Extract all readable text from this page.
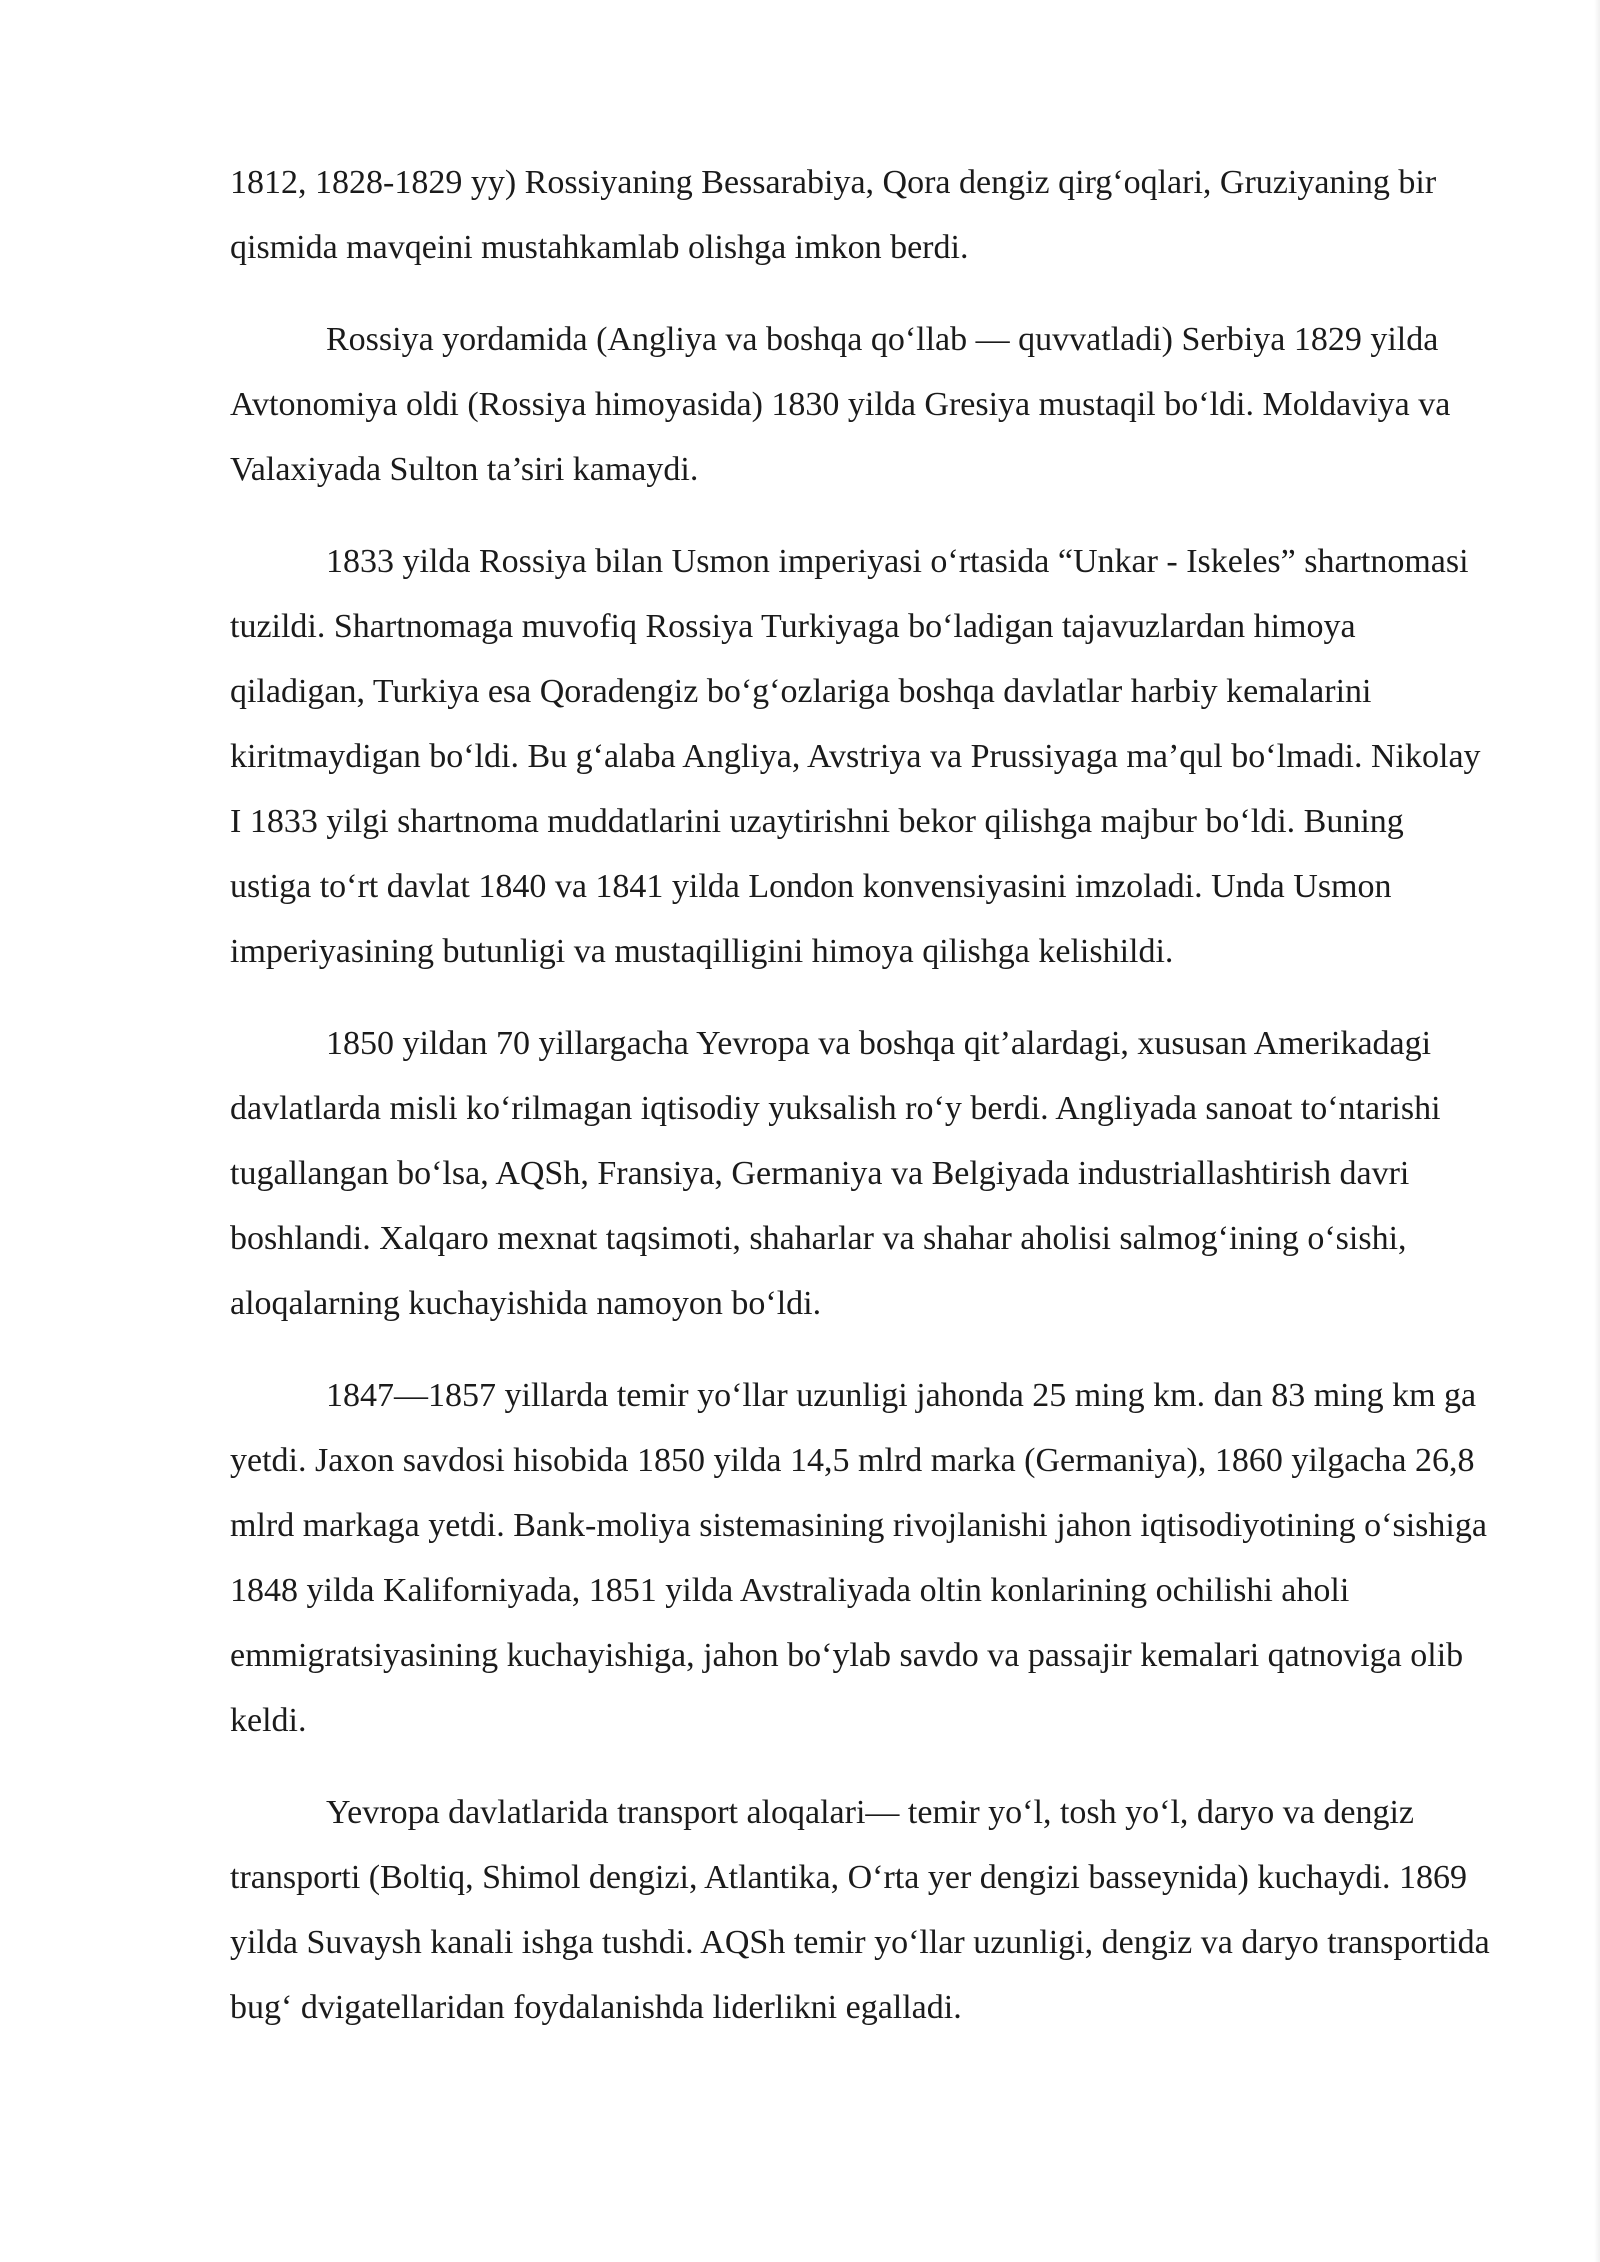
1812, 1828-1829 yy) Rossiyaning Bessarabiya, Qora dengiz qirg‘oqlari, Gruziyaning bir qismida mavqeini mustahkamlab olishga imkon berdi.

Rossiya yordamida (Angliya va boshqa qo‘llab — quvvatladi) Serbiya 1829 yilda Avtonomiya oldi (Rossiya himoyasida) 1830 yilda Gresiya mustaqil bo‘ldi. Moldaviya va Valaxiyada Sulton ta’siri kamaydi.

1833 yilda Rossiya bilan Usmon imperiyasi o‘rtasida “Unkar - Iskeles” shartnomasi tuzildi. Shartnomaga muvofiq Rossiya Turkiyaga bo‘ladigan tajavuzlardan himoya qiladigan, Turkiya esa Qoradengiz bo‘g‘ozlariga boshqa davlatlar harbiy kemalarini kiritmaydigan bo‘ldi. Bu g‘alaba Angliya, Avstriya va Prussiyaga ma’qul bo‘lmadi. Nikolay I 1833 yilgi shartnoma muddatlarini uzaytirishni bekor qilishga majbur bo‘ldi. Buning ustiga to‘rt davlat 1840 va 1841 yilda London konvensiyasini imzoladi. Unda Usmon imperiyasining butunligi va mustaqilligini himoya qilishga kelishildi.

1850 yildan 70 yillargacha Yevropa va boshqa qit’alardagi, xususan Amerikadagi davlatlarda misli ko‘rilmagan iqtisodiy yuksalish ro‘y berdi. Angliyada sanoat to‘ntarishi tugallangan bo‘lsa, AQSh, Fransiya, Germaniya va Belgiyada industriallashtirish davri boshlandi. Xalqaro mexnat taqsimoti, shaharlar va shahar aholisi salmog‘ining o‘sishi, aloqalarning kuchayishida namoyon bo‘ldi.

1847—1857 yillarda temir yo‘llar uzunligi jahonda 25 ming km. dan 83 ming km ga yetdi. Jaxon savdosi hisobida 1850 yilda 14,5 mlrd marka (Germaniya), 1860 yilgacha 26,8 mlrd markaga yetdi. Bank-moliya sistemasining rivojlanishi jahon iqtisodiyotining o‘sishiga 1848 yilda Kaliforniyada, 1851 yilda Avstraliyada oltin konlarining ochilishi aholi emmigratsiyasining kuchayishiga, jahon bo‘ylab savdo va passajir kemalari qatnoviga olib keldi.

Yevropa davlatlarida transport aloqalari— temir yo‘l, tosh yo‘l, daryo va dengiz transporti (Boltiq, Shimol dengizi, Atlantika, O‘rta yer dengizi basseynida) kuchaydi. 1869 yilda Suvaysh kanali ishga tushdi. AQSh temir yo‘llar uzunligi, dengiz va daryo transportida bug‘ dvigatellaridan foydalanishda liderlikni egalladi.
